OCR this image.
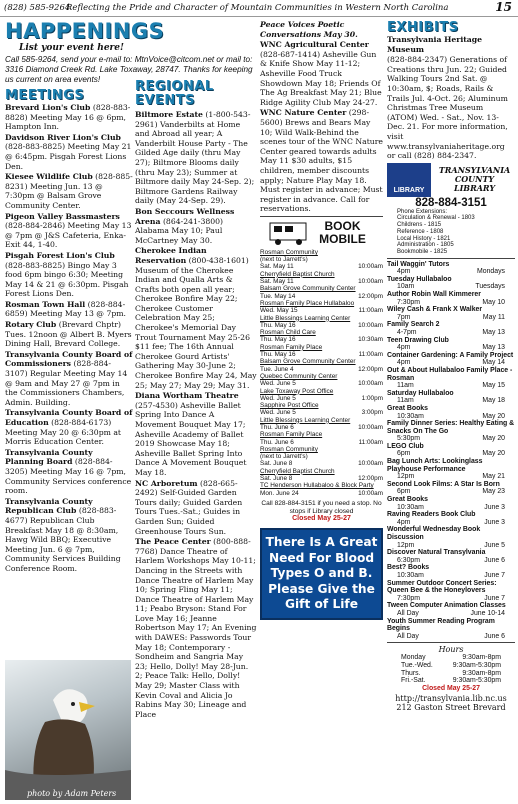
(828) 585-9264
Reflecting the Pride and Character of Mountain Communities in Western North Carolina	15
HAPPENINGS
List your event here!
Call 585-9264, send your e-mail to: MtnVoice@citcom.net or mail to: 3316 Diamond Creek Rd. Lake Toxaway, 28747. Thanks for keeping us current on area events!
MEETINGS
Brevard Lion's Club (828-883-8828) Meeting May 16 @ 6pm, Hampton Inn.
Davidson River Lion's Club (828-883-8825) Meeting May 21 @ 6:45pm. Pisgah Forest Lions Den.
Kiesee Wildlife Club (828-885-8231) Meeting Jun. 13 @ 7:30pm @ Balsam Grove Community Center.
Pigeon Valley Bassmasters (828-884-2846) Meeting May 13 @ 7pm @ J&S Cafeteria, Enka-Exit 44, 1-40.
Pisgah Forest Lion's Club (828-883-8825) Bingo May 3 food 6pm bingo 6:30; Meeting May 14 & 21 @ 6:30pm. Pisgah Forest Lions Den.
Rosman Town Hall (828-884-6859) Meeting May 13 @ 7pm.
Rotary Club (Brevard Chptr) Tues. 12noon @ Albert B. Myers Dining Hall, Brevard College.
Transylvania County Board of Commissioners (828-884-3107) Regular Meeting May 14 @ 9am and May 27 @ 7pm in the Commissioners Chambers, Admin. Building.
Transylvania County Board of Education (828-884-6173) Meeting May 20 @ 6:30pm at Morris Education Center.
Transylvania County Planning Board (828-884-3205) Meeting May 16 @ 7pm, Community Services conference room.
Transylvania County Republican Club (828-883-4677) Republican Club Breakfast May 18 @ 8:30am, Hawg Wild BBQ; Executive Meeting Jun. 6 @ 7pm, Community Services Building Conference Room.
photo by Adam Peters
REGIONAL EVENTS
Biltmore Estate (1-800-543-2961) Vanderbilts at Home and Abroad all year; A Vanderbilt House Party - The Gilded Age daily (thru May 27); Biltmore Blooms daily (thru May 23); Summer at Biltmore daily May 24-Sep. 2); Biltmore Gardens Railway daily (May 24-Sep. 29).
Bon Seccours Wellness Arena (864-241-3800) Alabama May 10; Paul McCartney May 30.
Cherokee Indian Reservation (800-438-1601) Museum of the Cherokee Indian and Qualla Arts & Crafts both open all year; Cherokee Bonfire May 22; Cherokee Customer Celebration May 25; Cherokee's Memorial Day Trout Tournament May 25-26 $11 fee; The 16th Annual Cherokee Gourd Artists' Gathering May 30-June 2; Cherokee Bonfire May 24, May 25; May 27; May 29; May 31.
Diana Wortham Theatre (257-4530) Asheville Ballet Spring Into Dance A Movement Bouquet May 17; Asheville Academy of Ballet 2019 Showcase May 18; Asheville Ballet Spring Into Dance A Movement Bouquet May 18.
NC Arboretum (828-665-2492) Self-Guided Garden Tours daily; Guided Garden Tours Tues.-Sat.; Guides in Garden Sun; Guided Greenhouse Tours Sun.
The Peace Center (800-888-7768) Dance Theatre of Harlem Workshops May 10-11; Dancing in the Streets with Dance Theatre of Harlem May 10; Spring Fling May 11; Dance Theatre of Harlem May 11; Peabo Bryson: Stand For Love May 16; Jeanne Robertson May 17; An Evening with DAWES: Passwords Tour May 18; Contemporary - Sondheim and Sangria May 23; Hello, Dolly! May 28-Jun. 2; Peace Talk: Hello, Dolly! May 29; Master Class with Kevin Coval and Alicia Jo Rabins May 30; Lineage and Place
Peace Voices Poetic Conversations May 30.
WNC Agricultural Center (828-687-1414) Asheville Gun & Knife Show May 11-12; Asheville Food Truck Showdown May 18; Friends Of The Ag Breakfast May 21; Blue Ridge Agility Club May 24-27.
WNC Nature Center (298-5600) Brews and Bears May 10; Wild Walk-Behind the scenes tour of the WNC Nature Center geared towards adults May 11 $30 adults, $15 children, member discounts apply; Nature Play May 18. Must register in advance; Must register in advance. Call for reservations.
BOOK MOBILE
Rosman Community
(next to Jarrett's)
Sat. May 11	10:00am
Cherryfield Baptist Church
Sat. May 11	10:00am
Balsam Grove Community Center
Tue. May 14	12:00pm
Rosman Family Place Hullabaloo
Wed. May 15	11:00am
Little Blessings Learning Center
Thu. May 16	10:00am
Rosman Child Care
Thu. May 16	10:30am
Rosman Family Place
Thu. May 16	11:00am
Balsam Grove Community Center
Tue. June 4	12:00pm
Quebec Community Center
Wed. June 5	10:00am
Lake Toxaway Post Office
Wed. June 5	1:00pm
Sapphire Post Office
Wed. June 5	3:00pm
Little Blessings Learning Center
Thu. June 6	10:00am
Rosman Family Place
Thu. June 6	11:00am
Rosman Community
(next to Jarrett's)
Sat. June 8	10:00am
Cherryfield Baptist Church
Sat. June 8	12:00pm
TC Henderson Hullabaloo & Block Party
Mon. June 24	10:00am
Call 828-884-3151 if you need a stop. No stops if Library closed
Closed May 25-27
There Is A Great Need For Blood Types O and B. Please Give the Gift of Life
EXHIBITS
Transylvania Heritage Museum
(828-884-2347) Generations of Creations thru Jun. 22; Guided Walking Tours 2nd Sat. @ 10:30am, $; Roads, Rails & Trails Jul. 4-Oct. 26; Aluminum Christmas Tree Museum (ATOM) Wed. - Sat., Nov. 13-Dec. 21. For more information, visit www.transylvaniaheritage.org or call (828) 884-2347.
LIBRARY
TRANSYLVANIA COUNTY LIBRARY
828-884-3151
Phone Extensions:
Circulation & Renewal - 1803
Childrens - 1815
Reference - 1808
Local History - 1821
Administration - 1805
Bookmobile - 1825
Tail Waggin' Tutors
4pm	Mondays
Tuesday Hullabaloo
10am	Tuesdays
Author Robin Wall Kimmerer
7:30pm	May 10
Wiley Cash & Frank X Walker
7pm	May 11
Family Search 2
4-7pm	May 13
Teen Drawing Club
4pm	May 13
Container Gardening: A Family Project
4pm	May 14
Out & About Hullabaloo Family Place - Rosman
11am	May 15
Saturday Hullabaloo
11am	May 18
Great Books
10:30am	May 20
Family Dinner Series: Healthy Eating & Snacks On The Go
5:30pm	May 20
LEGO Club
6pm	May 20
Bag Lunch Arts: Lookinglass Playhouse Performance
12pm	May 21
Second Look Films: A Star Is Born
6pm	May 23
Great Books
10:30am	June 3
Raving Readers Book Club
4pm	June 3
Wonderful Wednesday Book Discussion
12pm	June 5
Discover Natural Transylvania
6:30pm	June 6
Best? Books
10:30am	June 7
Summer Outdoor Concert Series: Queen Bee & the Honeylovers
7:30pm	June 7
Tween Computer Animation Classes
All Day	June 10-14
Youth Summer Reading Program Begins
All Day	June 6
Hours
Monday	9:30am-8pm
Tue.-Wed.	9:30am-5:30pm
Thurs.	9:30am-8pm
Fri.-Sat.	9:30am-5:30pm
Closed May 25-27
http://transylvania.lib.nc.us
212 Gaston Street Brevard
